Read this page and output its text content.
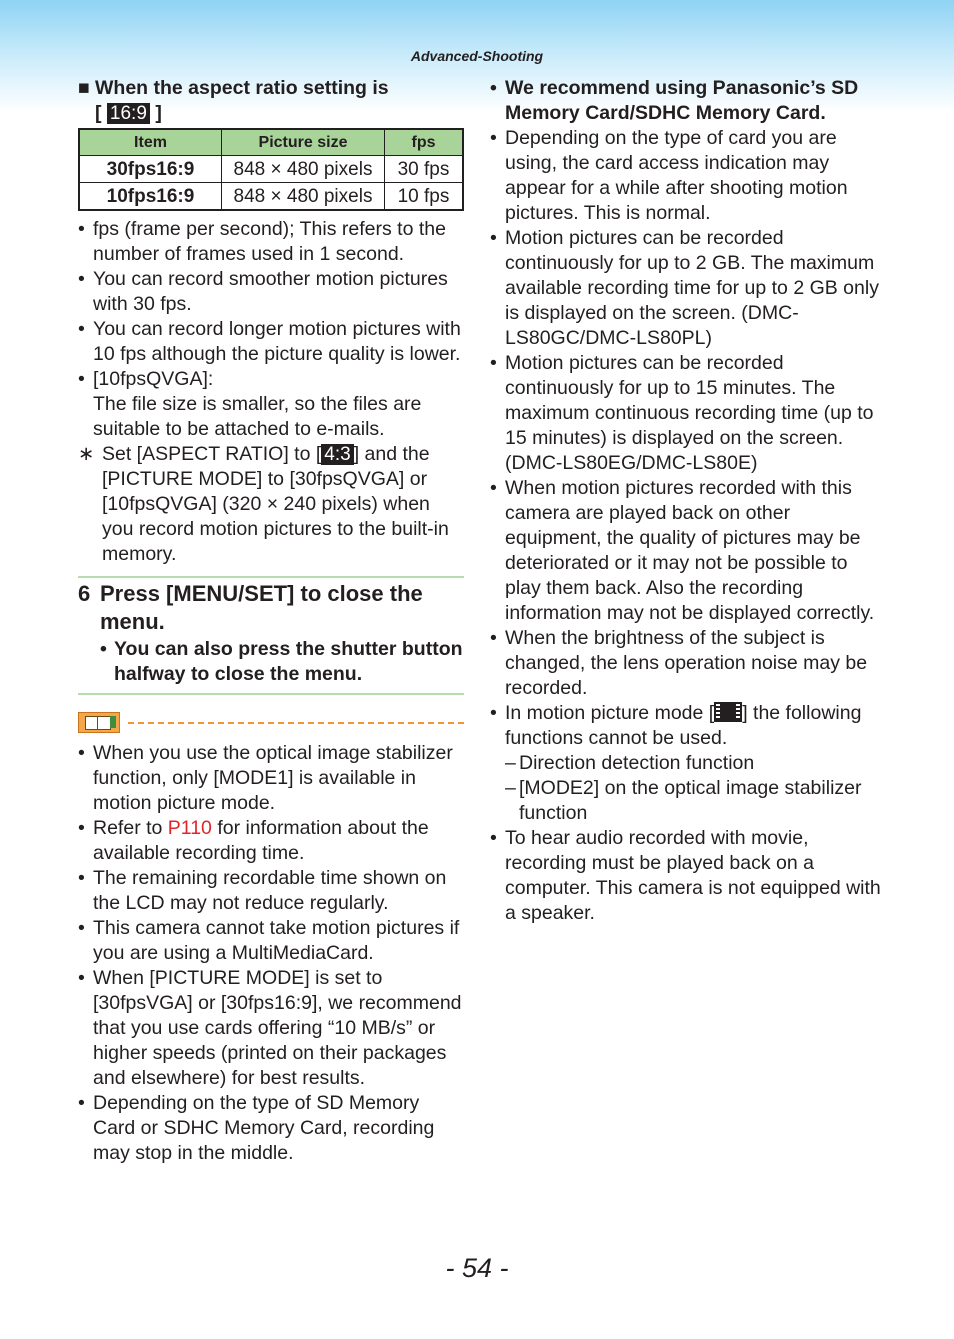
Advanced-Shooting
■ When the aspect ratio setting is
[ 16:9 ]
Item	Picture size	fps
30fps16:9	848 × 480 pixels	30 fps
10fps16:9	848 × 480 pixels	10 fps
• fps (frame per second); This refers to the number of frames used in 1 second.
• You can record smoother motion pictures with 30 fps.
• You can record longer motion pictures with 10 fps although the picture quality is lower.
• [10fpsQVGA]:
The file size is smaller, so the files are suitable to be attached to e-mails.
∗ Set [ASPECT RATIO] to [ 4:3 ] and the [PICTURE MODE] to [30fpsQVGA] or [10fpsQVGA] (320 × 240 pixels) when you record motion pictures to the built-in memory.
6 Press [MENU/SET] to close the menu.
• You can also press the shutter button halfway to close the menu.
• When you use the optical image stabilizer function, only [MODE1] is available in motion picture mode.
• Refer to P110 for information about the available recording time.
• The remaining recordable time shown on the LCD may not reduce regularly.
• This camera cannot take motion pictures if you are using a MultiMediaCard.
• When [PICTURE MODE] is set to [30fpsVGA] or [30fps16:9], we recommend that you use cards offering “10 MB/s” or higher speeds (printed on their packages and elsewhere) for best results.
• Depending on the type of SD Memory Card or SDHC Memory Card, recording may stop in the middle.
• We recommend using Panasonic’s SD Memory Card/SDHC Memory Card.
• Depending on the type of card you are using, the card access indication may appear for a while after shooting motion pictures. This is normal.
• Motion pictures can be recorded continuously for up to 2 GB. The maximum available recording time for up to 2 GB only is displayed on the screen. (DMC-LS80GC/DMC-LS80PL)
• Motion pictures can be recorded continuously for up to 15 minutes. The maximum continuous recording time (up to 15 minutes) is displayed on the screen. (DMC-LS80EG/DMC-LS80E)
• When motion pictures recorded with this camera are played back on other equipment, the quality of pictures may be deteriorated or it may not be possible to play them back. Also the recording information may not be displayed correctly.
• When the brightness of the subject is changed, the lens operation noise may be recorded.
• In motion picture mode [ ] the following functions cannot be used.
– Direction detection function
– [MODE2] on the optical image stabilizer function
• To hear audio recorded with movie, recording must be played back on a computer. This camera is not equipped with a speaker.
- 54 -
